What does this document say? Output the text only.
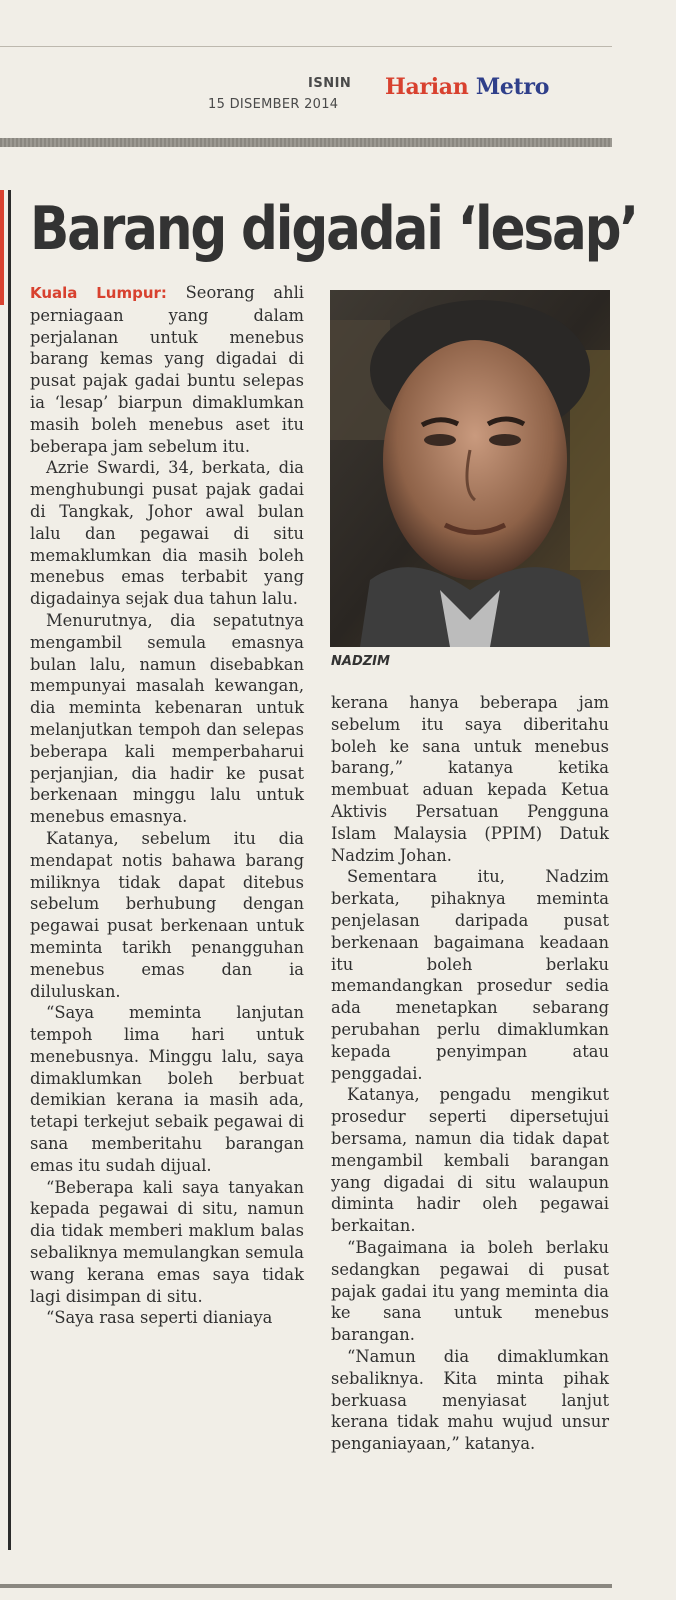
ISNIN
15 DISEMBER 2014
Harian Metro
Barang digadai ‘lesap’

Kuala Lumpur: Seorang ahli perniagaan yang dalam perjalanan untuk menebus barang kemas yang digadai di pusat pajak gadai buntu selepas ia ‘lesap’ biarpun dimaklumkan masih boleh menebus aset itu beberapa jam sebelum itu.

Azrie Swardi, 34, berkata, dia menghubungi pusat pajak gadai di Tangkak, Johor awal bulan lalu dan pegawai di situ memaklumkan dia masih boleh menebus emas terbabit yang digadainya sejak dua tahun lalu.

Menurutnya, dia sepatutnya mengambil semula emasnya bulan lalu, namun disebabkan mempunyai masalah kewangan, dia meminta kebenaran untuk melanjutkan tempoh dan selepas beberapa kali memperbaharui perjanjian, dia hadir ke pusat berkenaan minggu lalu untuk menebus emasnya.

Katanya, sebelum itu dia mendapat notis bahawa barang miliknya tidak dapat ditebus sebelum berhubung dengan pegawai pusat berkenaan untuk meminta tarikh penangguhan menebus emas dan ia diluluskan.

“Saya meminta lanjutan tempoh lima hari untuk menebusnya. Minggu lalu, saya dimaklumkan boleh berbuat demikian kerana ia masih ada, tetapi terkejut sebaik pegawai di sana memberitahu barangan emas itu sudah dijual.

“Beberapa kali saya tanyakan kepada pegawai di situ, namun dia tidak memberi maklum balas sebaliknya memulangkan semula wang kerana emas saya tidak lagi disimpan di situ.

“Saya rasa seperti dianiaya

NADZIM

kerana hanya beberapa jam sebelum itu saya diberitahu boleh ke sana untuk menebus barang,” katanya ketika membuat aduan kepada Ketua Aktivis Persatuan Pengguna Islam Malaysia (PPIM) Datuk Nadzim Johan.

Sementara itu, Nadzim berkata, pihaknya meminta penjelasan daripada pusat berkenaan bagaimana keadaan itu boleh berlaku memandangkan prosedur sedia ada menetapkan sebarang perubahan perlu dimaklumkan kepada penyimpan atau penggadai.

Katanya, pengadu mengikut prosedur seperti dipersetujui bersama, namun dia tidak dapat mengambil kembali barangan yang digadai di situ walaupun diminta hadir oleh pegawai berkaitan.

“Bagaimana ia boleh berlaku sedangkan pegawai di pusat pajak gadai itu yang meminta dia ke sana untuk menebus barangan.

“Namun dia dimaklumkan sebaliknya. Kita minta pihak berkuasa menyiasat lanjut kerana tidak mahu wujud unsur penganiayaan,” katanya.
